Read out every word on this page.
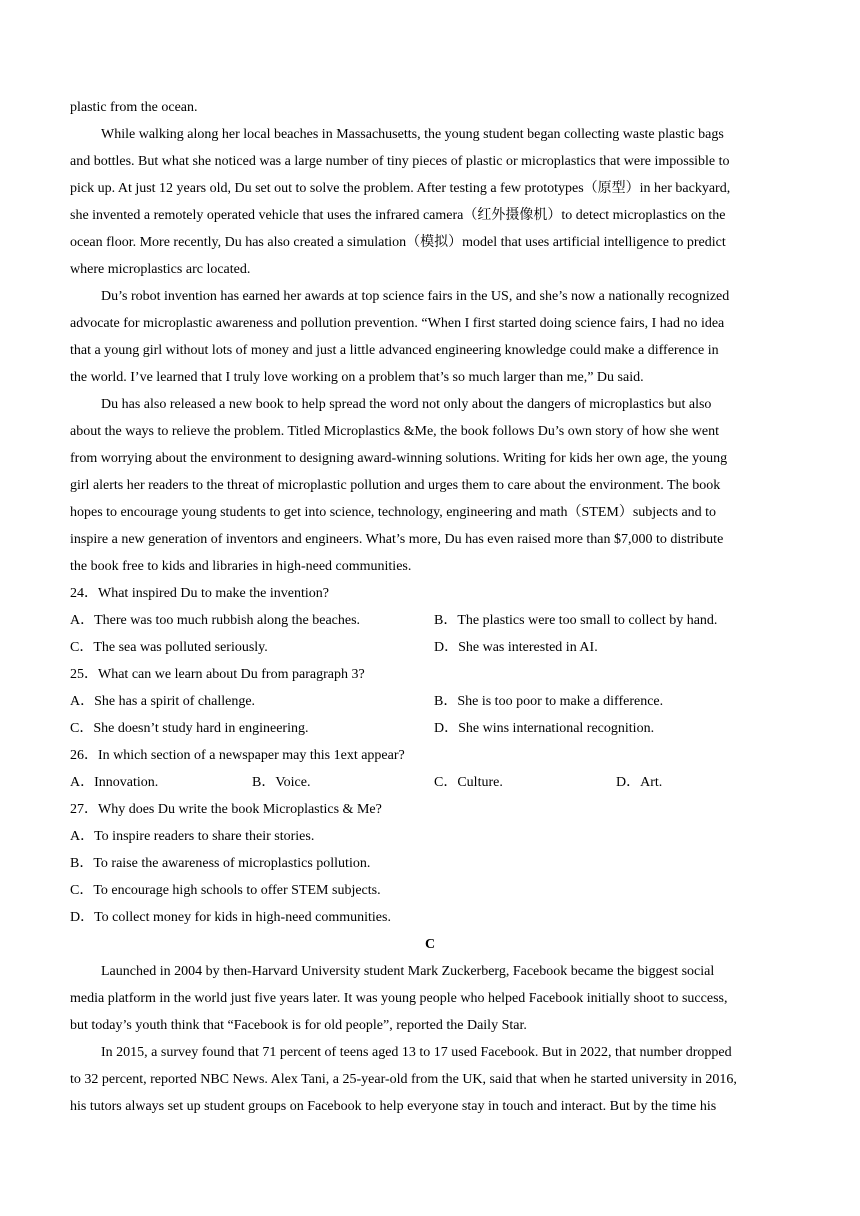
plastic from the ocean.
While walking along her local beaches in Massachusetts, the young student began collecting waste plastic bags
and bottles. But what she noticed was a large number of tiny pieces of plastic or microplastics that were impossible to
pick up. At just 12 years old, Du set out to solve the problem. After testing a few prototypes（原型）in her backyard,
she invented a remotely operated vehicle that uses the infrared camera（红外摄像机）to detect microplastics on the
ocean floor. More recently, Du has also created a simulation（模拟）model that uses artificial intelligence to predict
where microplastics arc located.
Du’s robot invention has earned her awards at top science fairs in the US, and she’s now a nationally recognized
advocate for microplastic awareness and pollution prevention. “When I first started doing science fairs, I had no idea
that a young girl without lots of money and just a little advanced engineering knowledge could make a difference in
the world. I’ve learned that I truly love working on a problem that’s so much larger than me,” Du said.
Du has also released a new book to help spread the word not only about the dangers of microplastics but also
about the ways to relieve the problem. Titled Microplastics &Me, the book follows Du’s own story of how she went
from worrying about the environment to designing award-winning solutions. Writing for kids her own age, the young
girl alerts her readers to the threat of microplastic pollution and urges them to care about the environment. The book
hopes to encourage young students to get into science, technology, engineering and math（STEM）subjects and to
inspire a new generation of inventors and engineers. What’s more, Du has even raised more than $7,000 to distribute
the book free to kids and libraries in high-need communities.
24．What inspired Du to make the invention?
A．There was too much rubbish along the beaches.	B．The plastics were too small to collect by hand.
C．The sea was polluted seriously.	D．She was interested in AI.
25．What can we learn about Du from paragraph 3?
A．She has a spirit of challenge.	B．She is too poor to make a difference.
C．She doesn’t study hard in engineering.	D．She wins international recognition.
26．In which section of a newspaper may this 1ext appear?
A．Innovation.	B．Voice.	C．Culture.	D．Art.
27．Why does Du write the book Microplastics & Me?
A．To inspire readers to share their stories.
B．To raise the awareness of microplastics pollution.
C．To encourage high schools to offer STEM subjects.
D．To collect money for kids in high-need communities.
C
Launched in 2004 by then-Harvard University student Mark Zuckerberg, Facebook became the biggest social
media platform in the world just five years later. It was young people who helped Facebook initially shoot to success,
but today’s youth think that “Facebook is for old people”, reported the Daily Star.
In 2015, a survey found that 71 percent of teens aged 13 to 17 used Facebook. But in 2022, that number dropped
to 32 percent, reported NBC News. Alex Tani, a 25-year-old from the UK, said that when he started university in 2016,
his tutors always set up student groups on Facebook to help everyone stay in touch and interact. But by the time his
